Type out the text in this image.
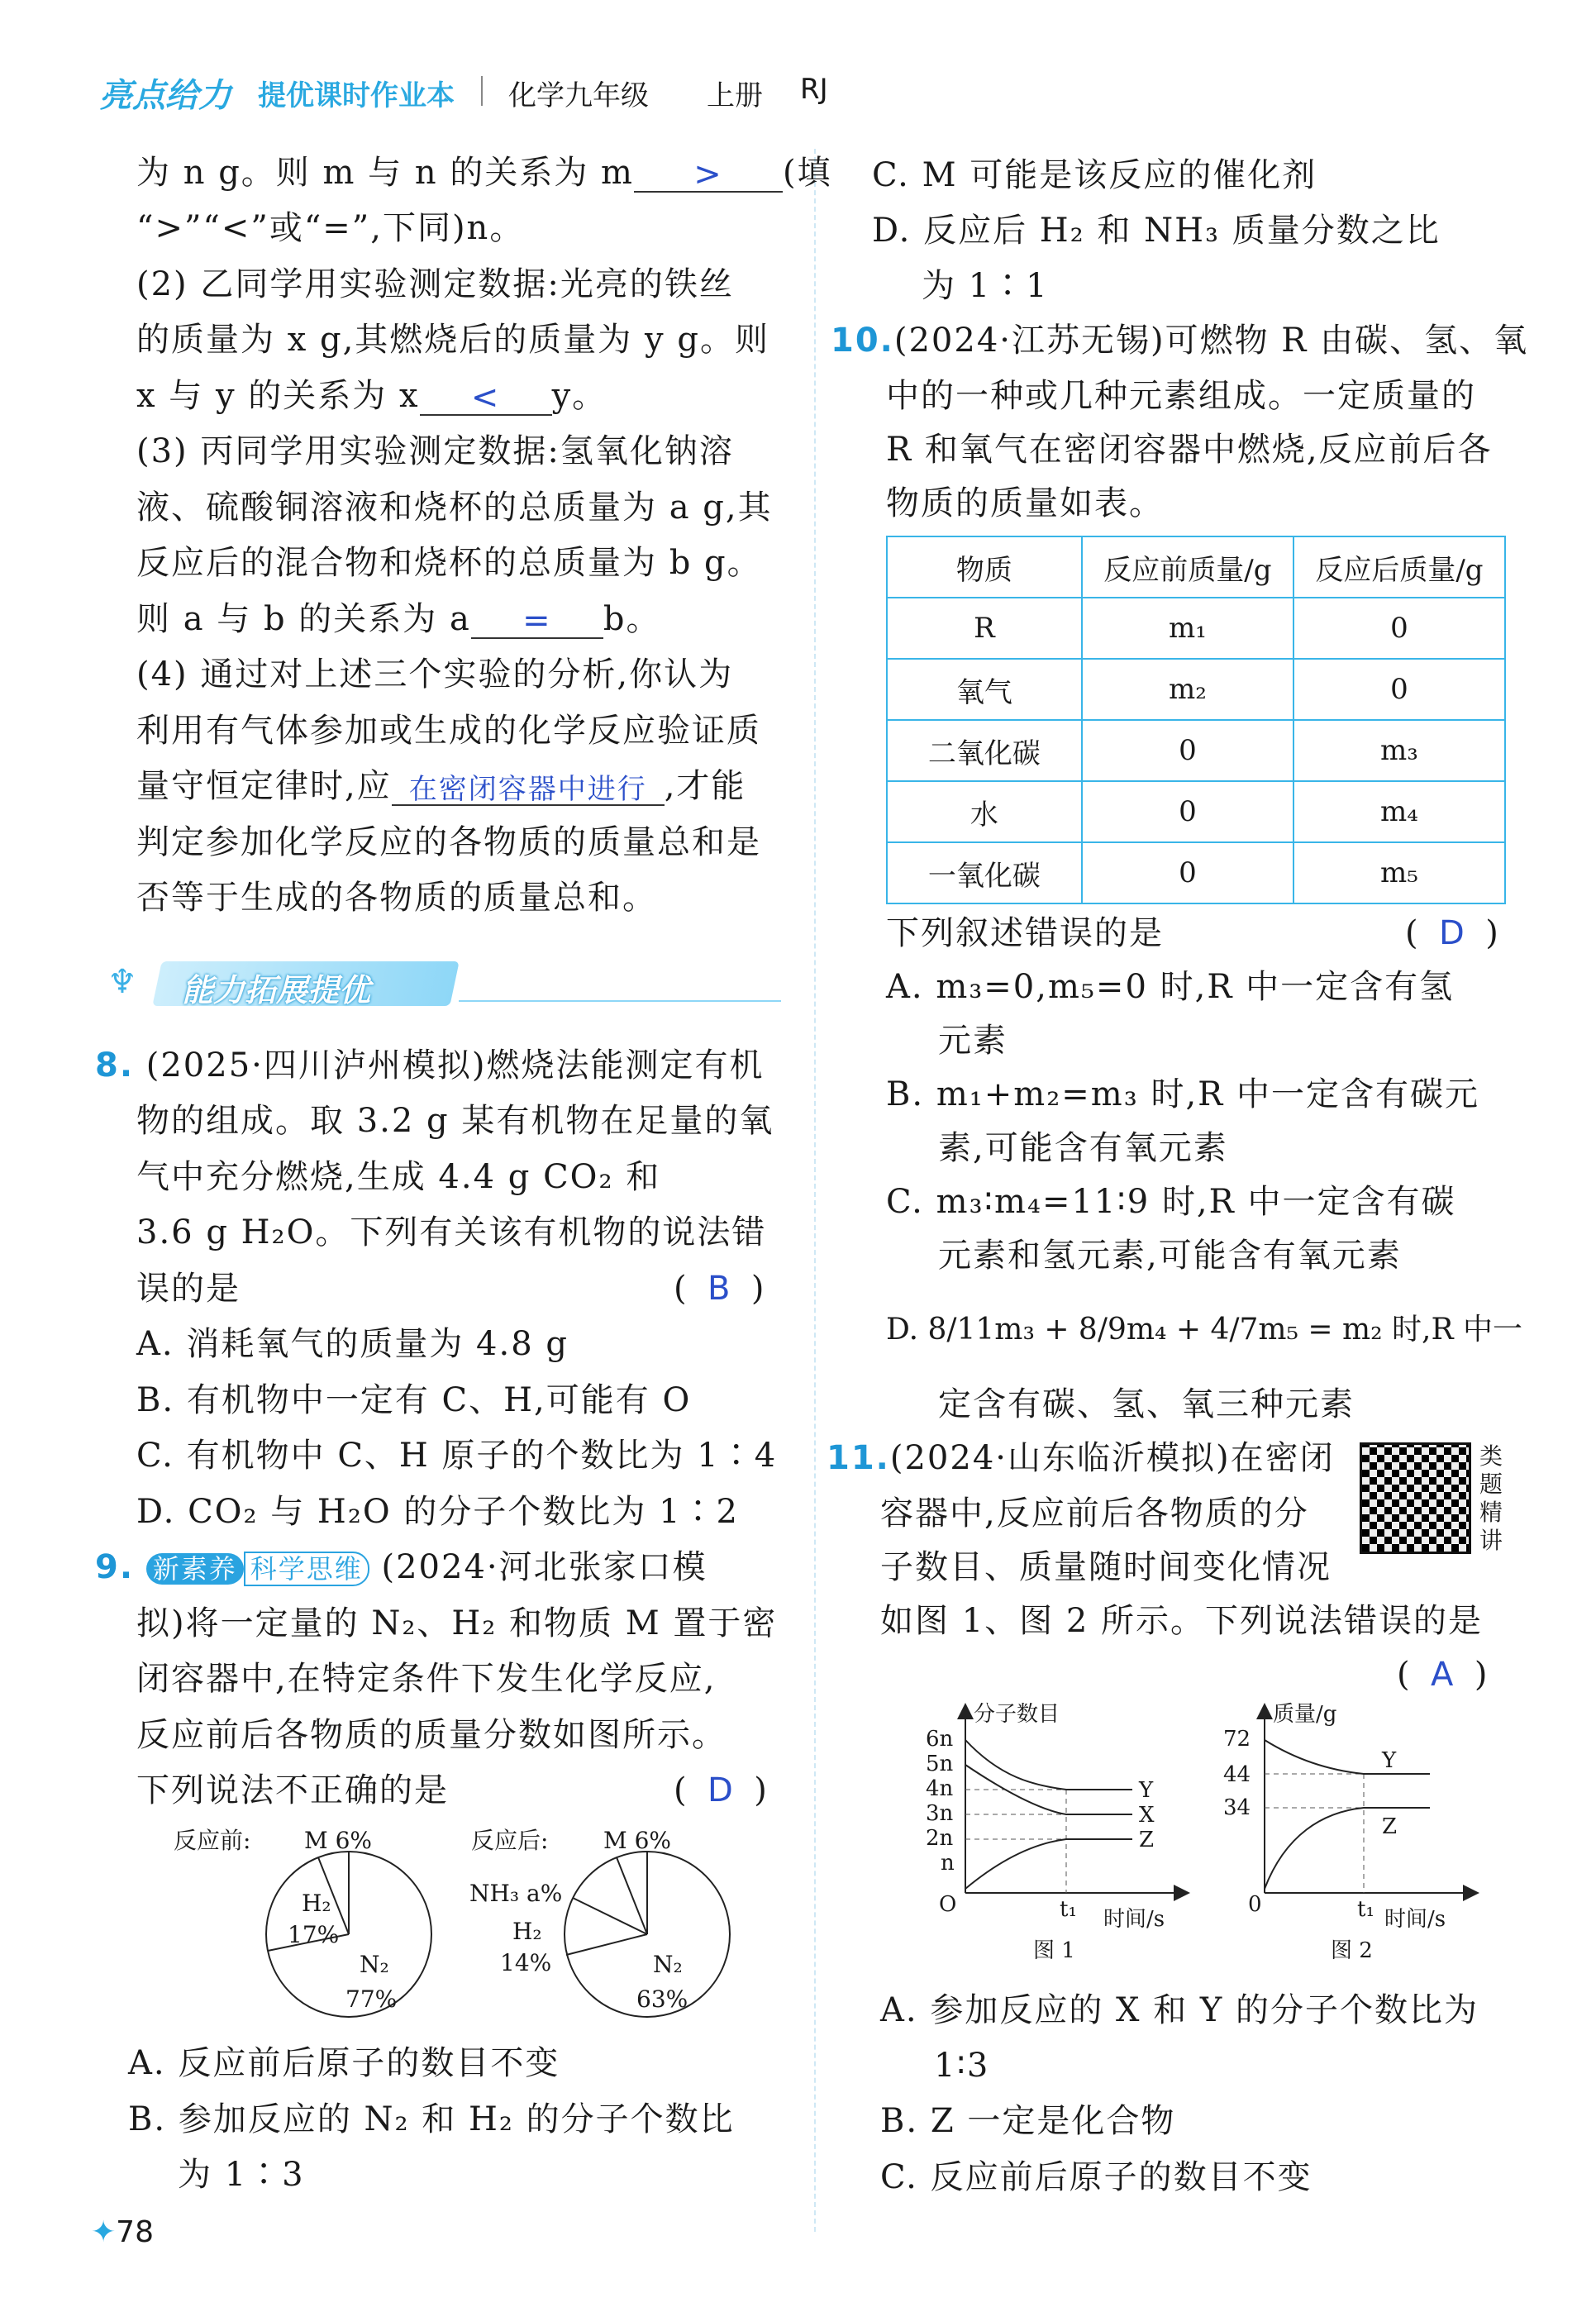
亮点给力 提优课时作业本 化学九年级 上册 RJ
为 n g。则 m 与 n 的关系为 m > (填
“>”“<”或“=”,下同)n。
(2) 乙同学用实验测定数据:光亮的铁丝
的质量为 x g,其燃烧后的质量为 y g。则
x 与 y 的关系为 x < y。
(3) 丙同学用实验测定数据:氢氧化钠溶
液、硫酸铜溶液和烧杯的总质量为 a g,其
反应后的混合物和烧杯的总质量为 b g。
则 a 与 b 的关系为 a = b。
(4) 通过对上述三个实验的分析,你认为
利用有气体参加或生成的化学反应验证质
量守恒定律时,应 在密闭容器中进行 ,才能
判定参加化学反应的各物质的质量总和是
否等于生成的各物质的质量总和。
♆ 能力拓展提优
8. (2025·四川泸州模拟)燃烧法能测定有机
物的组成。取 3.2 g 某有机物在足量的氧
气中充分燃烧,生成 4.4 g CO₂ 和
3.6 g H₂O。下列有关该有机物的说法错
误的是	(  B  )
A. 消耗氧气的质量为 4.8 g
B. 有机物中一定有 C、H,可能有 O
C. 有机物中 C、H 原子的个数比为 1∶4
D. CO₂ 与 H₂O 的分子个数比为 1∶2
9. 新素养 科学思维 (2024·河北张家口模
拟)将一定量的 N₂、H₂ 和物质 M 置于密
闭容器中,在特定条件下发生化学反应,
反应前后各物质的质量分数如图所示。
下列说法不正确的是	(  D  )
反应前: M 6%
H₂
17%
N₂
77%
反应后: M 6%
NH₃ a%
H₂
14%	N₂
63%
A. 反应前后原子的数目不变
B. 参加反应的 N₂ 和 H₂ 的分子个数比
为 1∶3
✦78
C. M 可能是该反应的催化剂
D. 反应后 H₂ 和 NH₃ 质量分数之比
为 1∶1
10.(2024·江苏无锡)可燃物 R 由碳、氢、氧
中的一种或几种元素组成。一定质量的
R 和氧气在密闭容器中燃烧,反应前后各
物质的质量如表。
物质	反应前质量/g	反应后质量/g
R	m₁	0
氧气	m₂	0
二氧化碳	0	m₃
水	0	m₄
一氧化碳	0	m₅
下列叙述错误的是	(  D  )
A. m₃=0,m₅=0 时,R 中一定含有氢
元素
B. m₁+m₂=m₃ 时,R 中一定含有碳元
素,可能含有氧元素
C. m₃∶m₄=11∶9 时,R 中一定含有碳
元素和氢元素,可能含有氧元素
D. 8/11m₃ + 8/9m₄ + 4/7m₅ = m₂ 时,R 中一
定含有碳、氢、氧三种元素
11.(2024·山东临沂模拟)在密闭
容器中,反应前后各物质的分
子数目、质量随时间变化情况
如图 1、图 2 所示。下列说法错误的是
类题精讲
(  A  )
分子数目
时间/s
6n
5n
4n
3n
2n
n
O	t₁
Y
X
Z
图 1
质量/g
时间/s
72
44
34
0	t₁
Y
Z
图 2
A. 参加反应的 X 和 Y 的分子个数比为
1∶3
B. Z 一定是化合物
C. 反应前后原子的数目不变
